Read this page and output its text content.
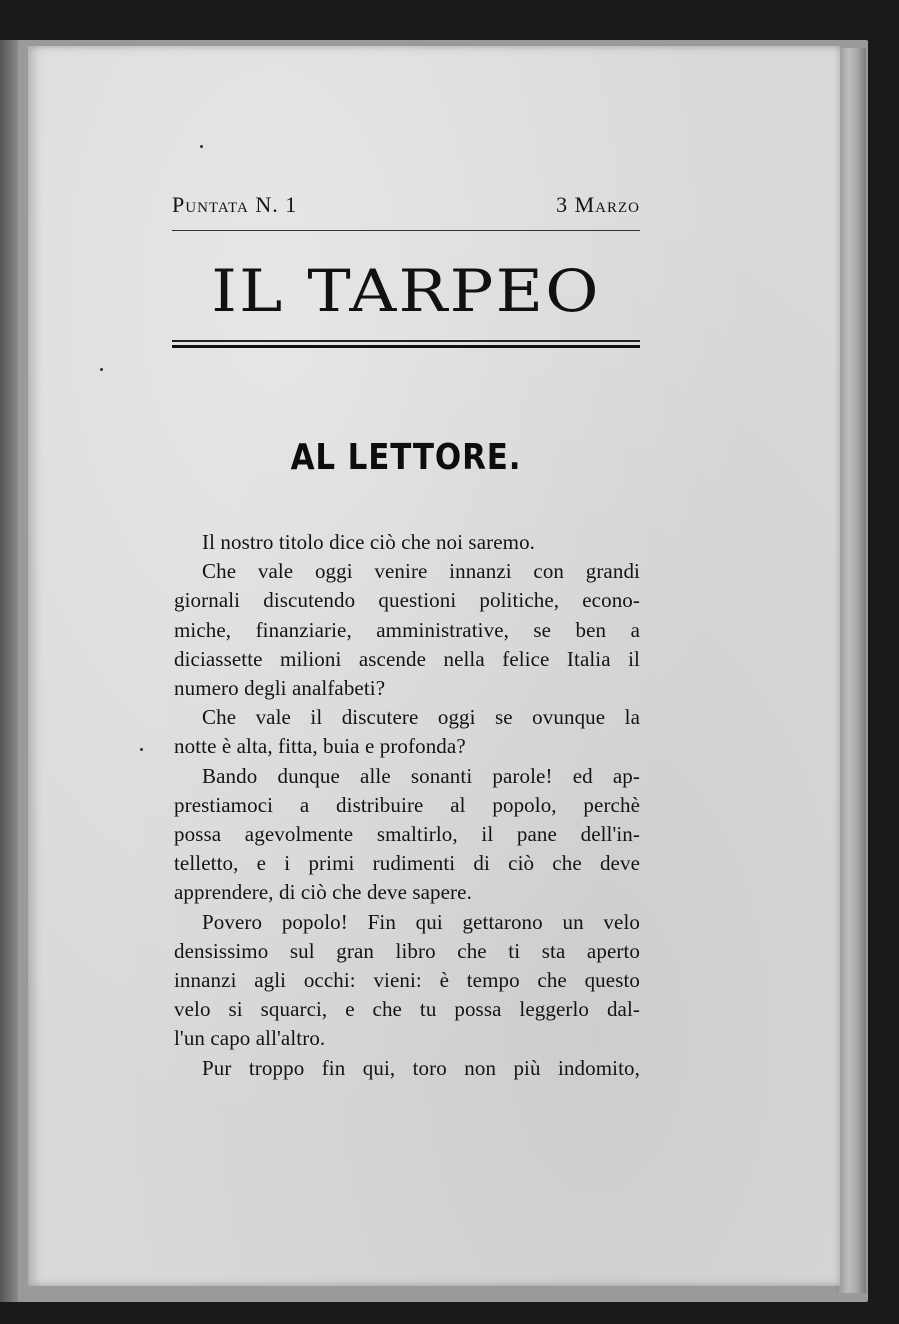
Puntata N. 1	3 Marzo
IL TARPEO
AL LETTORE.

Il nostro titolo dice ciò che noi saremo.

Che vale oggi venire innanzi con grandi
giornali discutendo questioni politiche, econo-
miche, finanziarie, amministrative, se ben a
diciassette milioni ascende nella felice Italia il
numero degli analfabeti?

Che vale il discutere oggi se ovunque la
notte è alta, fitta, buia e profonda?

Bando dunque alle sonanti parole! ed ap-
prestiamoci a distribuire al popolo, perchè
possa agevolmente smaltirlo, il pane dell'in-
telletto, e i primi rudimenti di ciò che deve
apprendere, di ciò che deve sapere.

Povero popolo! Fin qui gettarono un velo
densissimo sul gran libro che ti sta aperto
innanzi agli occhi: vieni: è tempo che questo
velo si squarci, e che tu possa leggerlo dal-
l'un capo all'altro.

Pur troppo fin qui, toro non più indomito,
